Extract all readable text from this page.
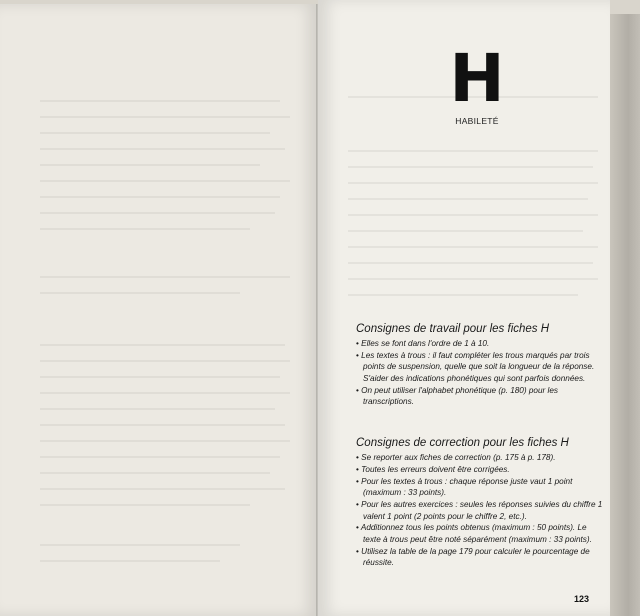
H
HABILETÉ
Consignes de travail pour les fiches H
• Elles se font dans l'ordre de 1 à 10.
• Les textes à trous : il faut compléter les trous marqués par trois points de suspension, quelle que soit la longueur de la réponse. S'aider des indications phonétiques qui sont parfois données.
• On peut utiliser l'alphabet phonétique (p. 180) pour les transcriptions.
Consignes de correction pour les fiches H
• Se reporter aux fiches de correction (p. 175 à p. 178).
• Toutes les erreurs doivent être corrigées.
• Pour les textes à trous : chaque réponse juste vaut 1 point (maximum : 33 points).
• Pour les autres exercices : seules les réponses suivies du chiffre 1 valent 1 point (2 points pour le chiffre 2, etc.).
• Additionnez tous les points obtenus (maximum : 50 points). Le texte à trous peut être noté séparément (maximum : 33 points).
• Utilisez la table de la page 179 pour calculer le pourcentage de réussite.
123
